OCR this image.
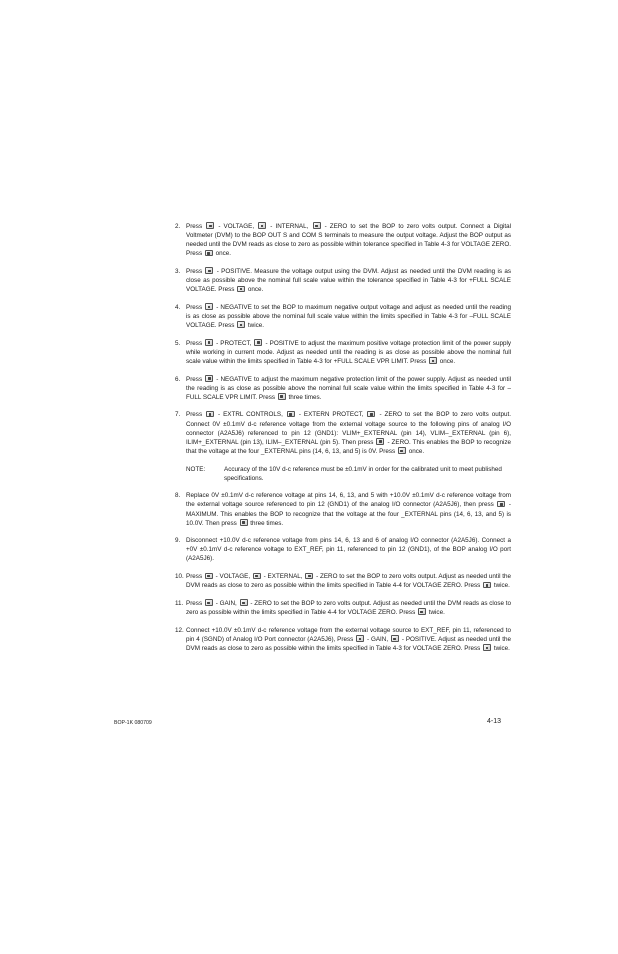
2. Press	- VOLTAGE,	- INTERNAL,	- ZERO to set the BOP to zero volts output. Connect a Digital Voltmeter (DVM) to the BOP OUT S and COM S terminals to measure the output voltage. Adjust the BOP output as needed until the DVM reads as close to zero as possible within tolerance specified in Table 4-3 for VOLTAGE ZERO. Press once.
3. Press - POSITIVE. Measure the voltage output using the DVM. Adjust as needed until the DVM reading is as close as possible above the nominal full scale value within the tolerance specified in Table 4-3 for +FULL SCALE VOLTAGE. Press once.
4. Press - NEGATIVE to set the BOP to maximum negative output voltage and adjust as needed until the reading is as close as possible above the nominal full scale value within the limits specified in Table 4-3 for –FULL SCALE VOLTAGE. Press twice.
5. Press - PROTECT, - POSITIVE to adjust the maximum positive voltage protection limit of the power supply while working in current mode. Adjust as needed until the reading is as close as possible above the nominal full scale value within the limits specified in Table 4-3 for +FULL SCALE VPR LIMIT. Press once.
6. Press - NEGATIVE to adjust the maximum negative protection limit of the power supply. Adjust as needed until the reading is as close as possible above the nominal full scale value within the limits specified in Table 4-3 for –FULL SCALE VPR LIMIT. Press three times.
7. Press	- EXTRL CONTROLS,	- EXTERN PROTECT,	- ZERO to set the BOP to zero volts output. Connect 0V ±0.1mV d-c reference voltage from the external voltage source to the following pins of analog I/O connector (A2A5J6) referenced to pin 12 (GND1): VLIM+_EXTERNAL (pin 14), VLIM–_EXTERNAL (pin 6), ILIM+_EXTERNAL (pin 13), ILIM–_EXTERNAL (pin 5). Then press - ZERO. This enables the BOP to recognize that the voltage at the four _EXTERNAL pins (14, 6, 13, and 5) is 0V. Press once.
NOTE:	Accuracy of the 10V d-c reference must be ±0.1mV in order for the calibrated unit to meet published specifications.
8. Replace 0V ±0.1mV d-c reference voltage at pins 14, 6, 13, and 5 with +10.0V ±0.1mV d-c reference voltage from the external voltage source referenced to pin 12 (GND1) of the analog I/O connector (A2A5J6), then press - MAXIMUM. This enables the BOP to recognize that the voltage at the four _EXTERNAL pins (14, 6, 13, and 5) is 10.0V. Then press three times.
9. Disconnect +10.0V d-c reference voltage from pins 14, 6, 13 and 6 of analog I/O connector (A2A5J6). Connect a +0V ±0.1mV d-c reference voltage to EXT_REF, pin 11, referenced to pin 12 (GND1), of the BOP analog I/O port (A2A5J6).
10. Press - VOLTAGE, - EXTERNAL, - ZERO to set the BOP to zero volts output. Adjust as needed until the DVM reads as close to zero as possible within the limits specified in Table 4-4 for VOLTAGE ZERO. Press twice.
11. Press - GAIN, - ZERO to set the BOP to zero volts output. Adjust as needed until the DVM reads as close to zero as possible within the limits specified in Table 4-4 for VOLTAGE ZERO. Press twice.
12. Connect +10.0V ±0.1mV d-c reference voltage from the external voltage source to EXT_REF, pin 11, referenced to pin 4 (SGND) of Analog I/O Port connector (A2A5J6), Press - GAIN, - POSITIVE. Adjust as needed until the DVM reads as close to zero as possible within the limits specified in Table 4-3 for VOLTAGE ZERO. Press twice.
BOP-1K 080709	4-13
